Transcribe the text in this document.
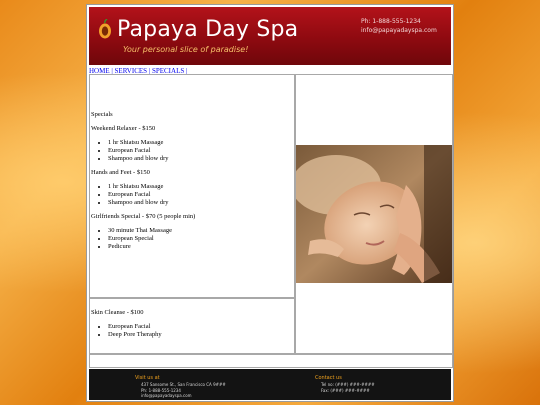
Papaya Day Spa
Your personal slice of paradise!
Ph: 1-888-555-1234
info@papayadayspa.com
HOME | SERVICES | SPECIALS |

Specials

Weekend Relaxer - $150

• 1 hr Shiatsu Massage
• European Facial
• Shampoo and blow dry

Hands and Feet - $150

• 1 hr Shiatsu Massage
• European Facial
• Shampoo and blow dry

Girlfriends Special - $70 (5 people min)

• 30 minute Thai Massage
• European Special
• Pedicure

Skin Cleanse - $100

• European Facial
• Deep Pore Theraphy
Visit us at
437 Sansome St., San Francisco CA 9###
Ph: 1-888-555-1234
info@papayadayspa.com
Contact us
Tel no: (###) ###-####
Fax: (###) ###-####
